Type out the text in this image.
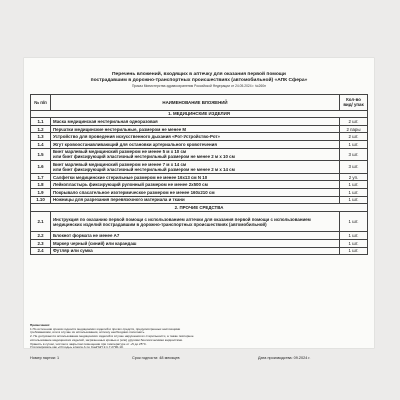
Перечень вложений, входящих в аптечку для оказания первой помощи
пострадавшим в дорожно-транспортных происшествиях (автомобильной) «АПК Сфера»
Приказ Министерства здравоохранения Российской Федерации от 24.05.2024 г. №260н
№ п/п	НАИМЕНОВАНИЕ ВЛОЖЕНИЙ	Кол-во вид/ упак
1. МЕДИЦИНСКИЕ ИЗДЕЛИЯ		
1.1	Маска медицинская нестерильная одноразовая	2 шт.
1.2	Перчатки медицинские нестерильные, размером не менее М	2 пары
1.3	Устройство для проведения искусственного дыхания «Рот-Устройство-Рот»	2 шт.
1.4	Жгут кровоостанавливающий для остановки артериального кровотечения	1 шт.
1.5	Бинт марлевый медицинский размером не менее 5 м х 10 см
или бинт фиксирующий эластичный нестерильный размером не менее 2 м х 10 см	3 шт.
1.6	Бинт марлевый медицинский размером не менее 7 м х 14 см
или бинт фиксирующий эластичный нестерильный размером не менее 2 м х 14 см	3 шт.
1.7	Салфетки медицинские стерильные размером не менее 16х13 см N 10	2 уп.
1.8	Лейкопластырь фиксирующий рулонный размером не менее 2х500 см	1 шт.
1.9	Покрывало спасательное изотермическое размером не менее 160х210 см	1 шт.
1.10	Ножницы для разрезания перевязочного материала и ткани	1 шт.
2. ПРОЧИЕ СРЕДСТВА		
2.1	Инструкция по оказанию первой помощи с использованием аптечки для оказания первой помощи с использованием медицинских изделий пострадавшим в дорожно-транспортных происшествиях (автомобильной)	1 шт.
2.2	Блокнот формата не менее А7	1 шт.
2.3	Маркер черный (синий) или карандаш	1 шт.
2.4	Футляр или сумка	1 шт.
Примечания:
1.По истечении сроков годности медицинских изделий и прочих средств, предусмотренных настоящими
требованиями, или в случае их использования, аптечку необходимо пополнить.
2. Не допускается использование медицинских изделий в случае нарушения их стерильности, а также повторное
использование медицинских изделий, загрязненных кровью и (или) другими биологическими жидкостями.
Хранить в сухом, чистом и закрытом помещении при температуре от +5 до 25°С.
Утилизировать как «Отходы» класса А по СанПиН 2.1.7.2790-10.
Номер партии: 1	Срок годности: 48 месяцев	Дата производства: 09.2024 г.
